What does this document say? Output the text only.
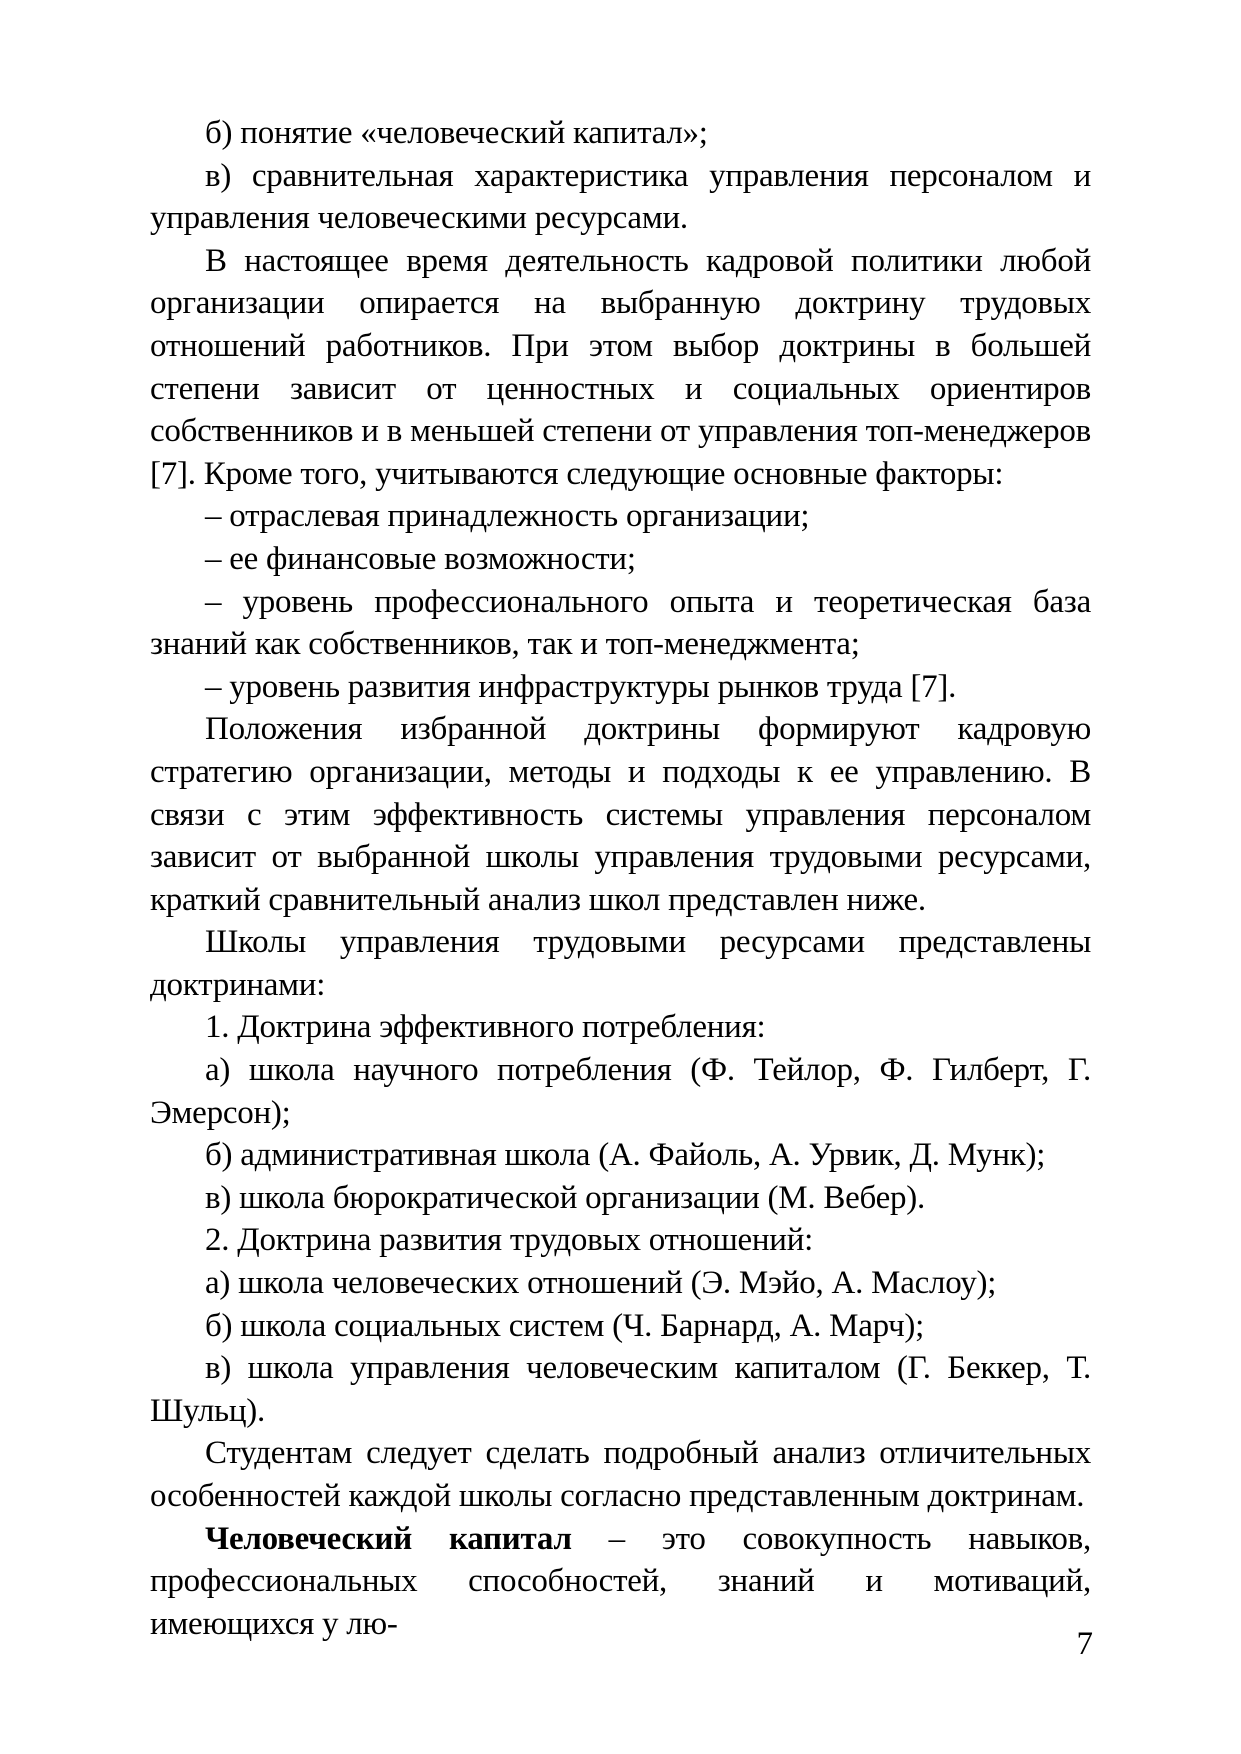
б) понятие «человеческий капитал»;

в) сравнительная характеристика управления персоналом и управления человеческими ресурсами.

В настоящее время деятельность кадровой политики любой организации опирается на выбранную доктрину трудовых отношений работников. При этом выбор доктрины в большей степени зависит от ценностных и социальных ориентиров собственников и в меньшей степени от управления топ-менеджеров [7]. Кроме того, учитываются следующие основные факторы:

– отраслевая принадлежность организации;

– ее финансовые возможности;

– уровень профессионального опыта и теоретическая база знаний как собственников, так и топ-менеджмента;

– уровень развития инфраструктуры рынков труда [7].

Положения избранной доктрины формируют кадровую стратегию организации, методы и подходы к ее управлению. В связи с этим эффективность системы управления персоналом зависит от выбранной школы управления трудовыми ресурсами, краткий сравнительный анализ школ представлен ниже.

Школы управления трудовыми ресурсами представлены доктринами:

1. Доктрина эффективного потребления:

а) школа научного потребления (Ф. Тейлор, Ф. Гилберт, Г. Эмерсон);

б) административная школа (А. Файоль, А. Урвик, Д. Мунк);

в) школа бюрократической организации (М. Вебер).

2. Доктрина развития трудовых отношений:

а) школа человеческих отношений (Э. Мэйо, А. Маслоу);

б) школа социальных систем (Ч. Барнард, А. Марч);

в) школа управления человеческим капиталом (Г. Беккер, Т. Шульц).

Студентам следует сделать подробный анализ отличительных особенностей каждой школы согласно представленным доктринам.

Человеческий капитал – это совокупность навыков, профессиональных способностей, знаний и мотиваций, имеющихся у лю-

7
